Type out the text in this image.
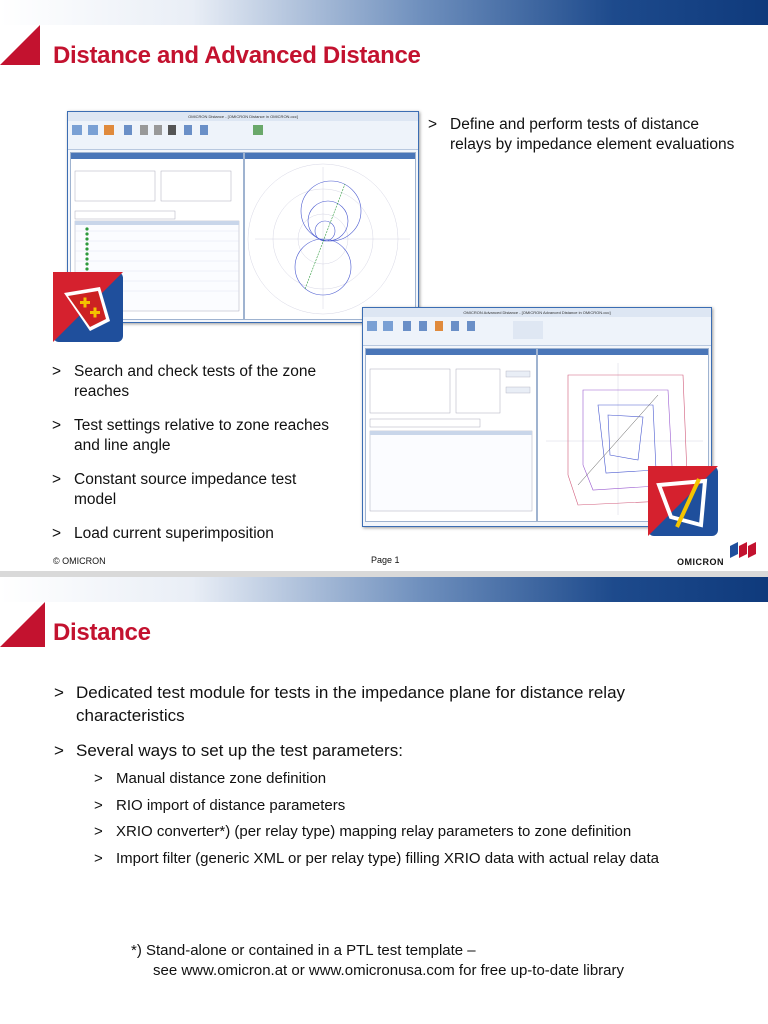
Distance and Advanced Distance
OMICRON Distance - [OMICRON Distance in OMICRON.occ]
OMICRON Advanced Distance - [OMICRON Advanced Distance in OMICRON.occ]
> Define and perform tests of distance relays by impedance element evaluations
> Search and check tests of the zone reaches
> Test settings relative to zone reaches and line angle
> Constant source impedance test model
> Load current superimposition
© OMICRON	Page 1	OMICRON
Distance
> Dedicated test module for tests in the impedance plane for distance relay characteristics
> Several ways to set up the test parameters:
> Manual distance zone definition
> RIO import of distance parameters
> XRIO converter*) (per relay type) mapping relay parameters to zone definition
> Import filter (generic XML or per relay type) filling XRIO data with actual relay data
*) Stand-alone or contained in a PTL test template –
see www.omicron.at or www.omicronusa.com for free up-to-date library
